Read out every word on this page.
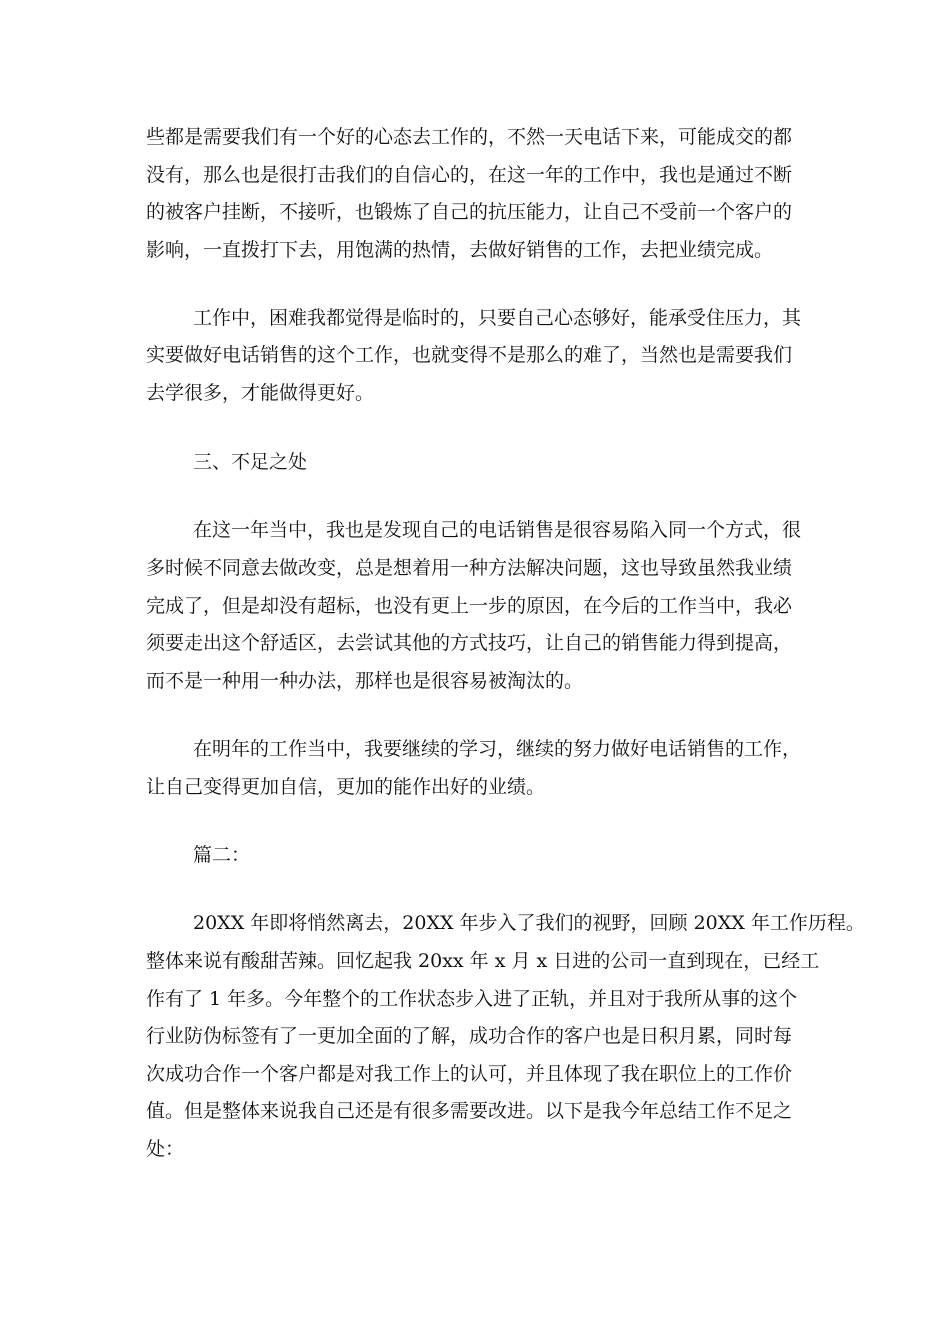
些都是需要我们有一个好的心态去工作的，不然一天电话下来，可能成交的都
没有，那么也是很打击我们的自信心的，在这一年的工作中，我也是通过不断
的被客户挂断，不接听，也锻炼了自己的抗压能力，让自己不受前一个客户的
影响，一直拨打下去，用饱满的热情，去做好销售的工作，去把业绩完成。
工作中，困难我都觉得是临时的，只要自己心态够好，能承受住压力，其
实要做好电话销售的这个工作，也就变得不是那么的难了，当然也是需要我们
去学很多，才能做得更好。
三、不足之处
在这一年当中，我也是发现自己的电话销售是很容易陷入同一个方式，很
多时候不同意去做改变，总是想着用一种方法解决问题，这也导致虽然我业绩
完成了，但是却没有超标，也没有更上一步的原因，在今后的工作当中，我必
须要走出这个舒适区，去尝试其他的方式技巧，让自己的销售能力得到提高，
而不是一种用一种办法，那样也是很容易被淘汰的。
在明年的工作当中，我要继续的学习，继续的努力做好电话销售的工作，
让自己变得更加自信，更加的能作出好的业绩。
篇二：
20XX 年即将悄然离去，20XX 年步入了我们的视野，回顾 20XX 年工作历程。
整体来说有酸甜苦辣。回忆起我 20xx 年 x 月 x 日进的公司一直到现在，已经工
作有了 1 年多。今年整个的工作状态步入进了正轨，并且对于我所从事的这个
行业防伪标签有了一更加全面的了解，成功合作的客户也是日积月累，同时每
次成功合作一个客户都是对我工作上的认可，并且体现了我在职位上的工作价
值。但是整体来说我自己还是有很多需要改进。以下是我今年总结工作不足之
处：
